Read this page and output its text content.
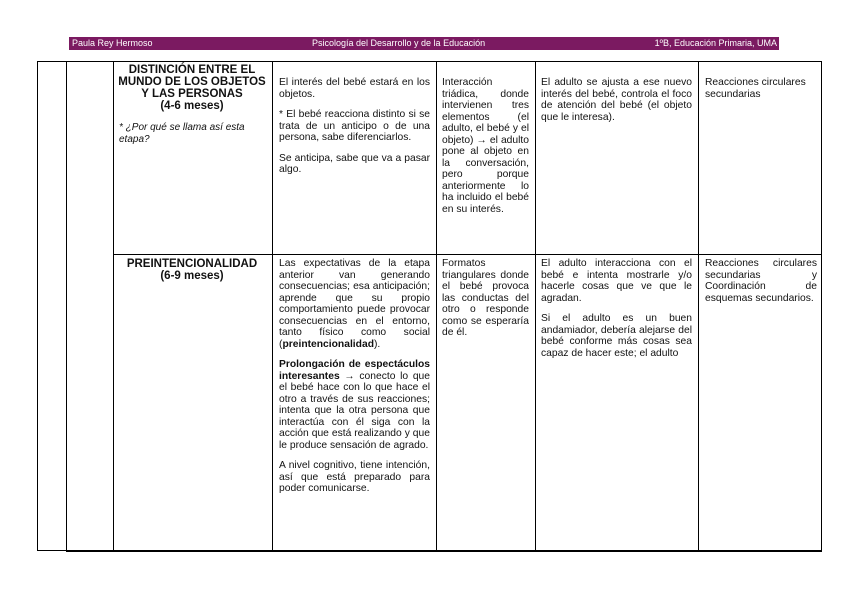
Paula Rey Hermoso	Psicología del Desarrollo y de la Educación	1ºB, Educación Primaria, UMA
DISTINCIÓN ENTRE EL MUNDO DE LOS OBJETOS Y LAS PERSONAS
(4-6 meses)
* ¿Por qué se llama así esta etapa?

El interés del bebé estará en los objetos.

* El bebé reacciona distinto si se trata de un anticipo o de una persona, sabe diferenciarlos.

Se anticipa, sabe que va a pasar algo.

Interacción triádica, donde intervienen tres elementos (el adulto, el bebé y el objeto) → el adulto pone al objeto en la conversación, pero porque anteriormente lo ha incluido el bebé en su interés.
El adulto se ajusta a ese nuevo interés del bebé, controla el foco de atención del bebé (el objeto que le interesa).
Reacciones circulares secundarias
PREINTENCIONALIDAD
(6-9 meses)

Las expectativas de la etapa anterior van generando consecuencias; esa anticipación; aprende que su propio comportamiento puede provocar consecuencias en el entorno, tanto físico como social (preintencionalidad).

Prolongación de espectáculos interesantes → conecto lo que el bebé hace con lo que hace el otro a través de sus reacciones; intenta que la otra persona que interactúa con él siga con la acción que está realizando y que le produce sensación de agrado.

A nivel cognitivo, tiene intención, así que está preparado para poder comunicarse.

Formatos triangulares donde el bebé provoca las conductas del otro o responde como se esperaría de él.

El adulto interacciona con el bebé e intenta mostrarle y/o hacerle cosas que ve que le agradan.

Si el adulto es un buen andamiador, debería alejarse del bebé conforme más cosas sea capaz de hacer este; el adulto

Reacciones circulares secundarias y Coordinación de esquemas secundarios.
